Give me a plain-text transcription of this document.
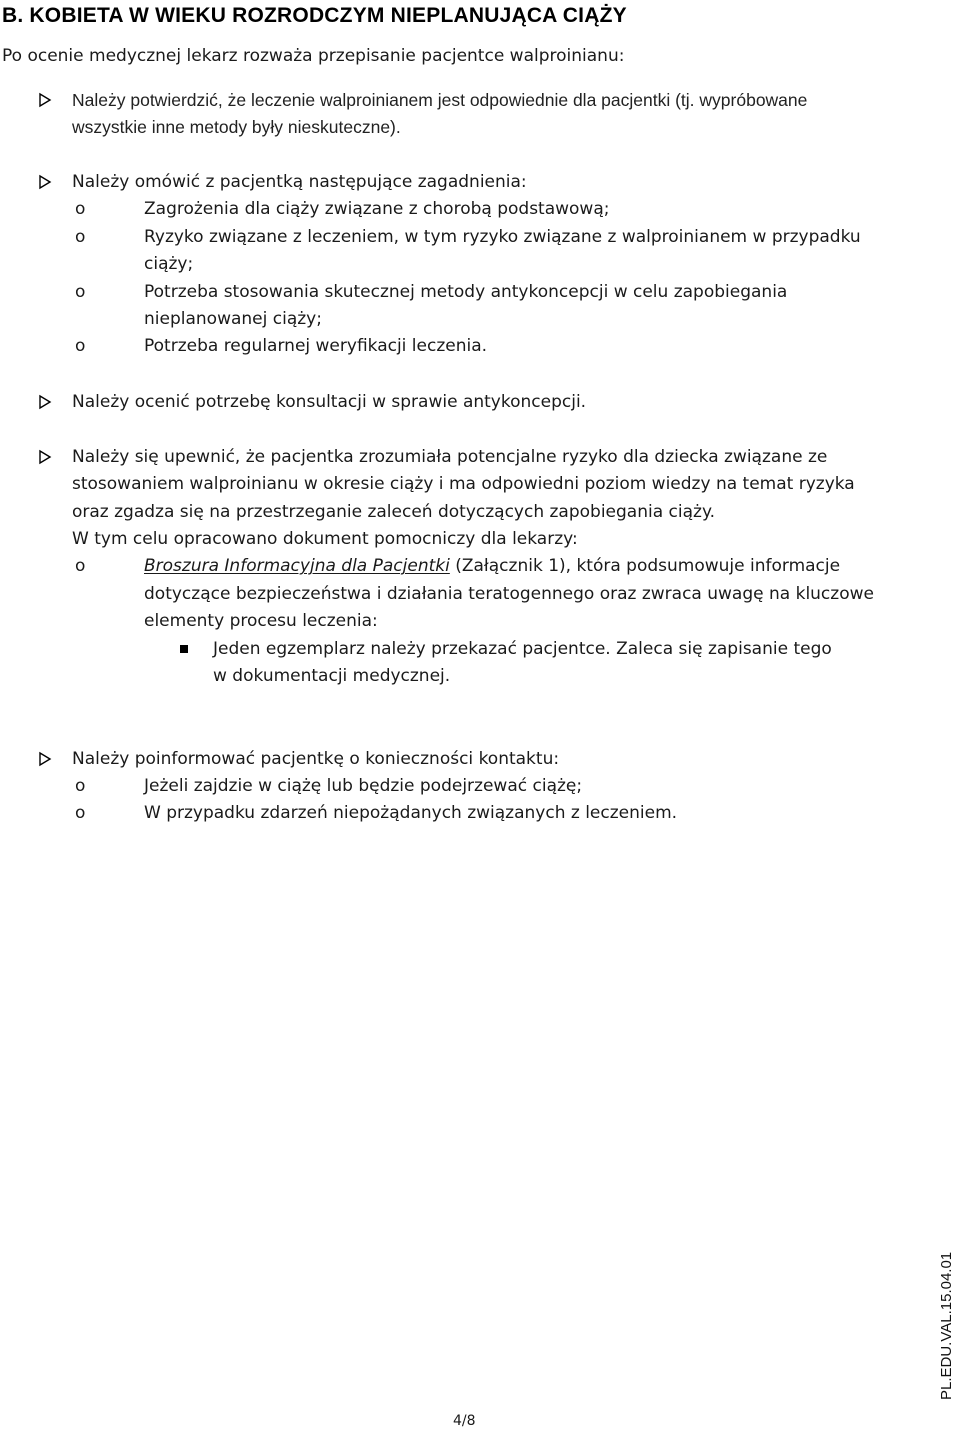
B. KOBIETA W WIEKU ROZRODCZYM NIEPLANUJĄCA CIĄŻY
Po ocenie medycznej lekarz rozważa przepisanie pacjentce walproinianu:
Należy potwierdzić, że leczenie walproinianem jest odpowiednie dla pacjentki (tj. wypróbowane
wszystkie inne metody były nieskuteczne).
Należy omówić z pacjentką następujące zagadnienia:
o	Zagrożenia dla ciąży związane z chorobą podstawową;
o	Ryzyko związane z leczeniem, w tym ryzyko związane z walproinianem w przypadku
ciąży;
o	Potrzeba stosowania skutecznej metody antykoncepcji w celu zapobiegania
nieplanowanej ciąży;
o	Potrzeba regularnej weryfikacji leczenia.
Należy ocenić potrzebę konsultacji w sprawie antykoncepcji.
Należy się upewnić, że pacjentka zrozumiała potencjalne ryzyko dla dziecka związane ze
stosowaniem walproinianu w okresie ciąży i ma odpowiedni poziom wiedzy na temat ryzyka
oraz zgadza się na przestrzeganie zaleceń dotyczących zapobiegania ciąży.
W tym celu opracowano dokument pomocniczy dla lekarzy:
o	Broszura Informacyjna dla Pacjentki (Załącznik 1), która podsumowuje informacje
dotyczące bezpieczeństwa i działania teratogennego oraz zwraca uwagę na kluczowe
elementy procesu leczenia:
Jeden egzemplarz należy przekazać pacjentce. Zaleca się zapisanie tego
w dokumentacji medycznej.
Należy poinformować pacjentkę o konieczności kontaktu:
o	Jeżeli zajdzie w ciążę lub będzie podejrzewać ciążę;
o	W przypadku zdarzeń niepożądanych związanych z leczeniem.
4/8
PL.EDU.VAL.15.04.01
